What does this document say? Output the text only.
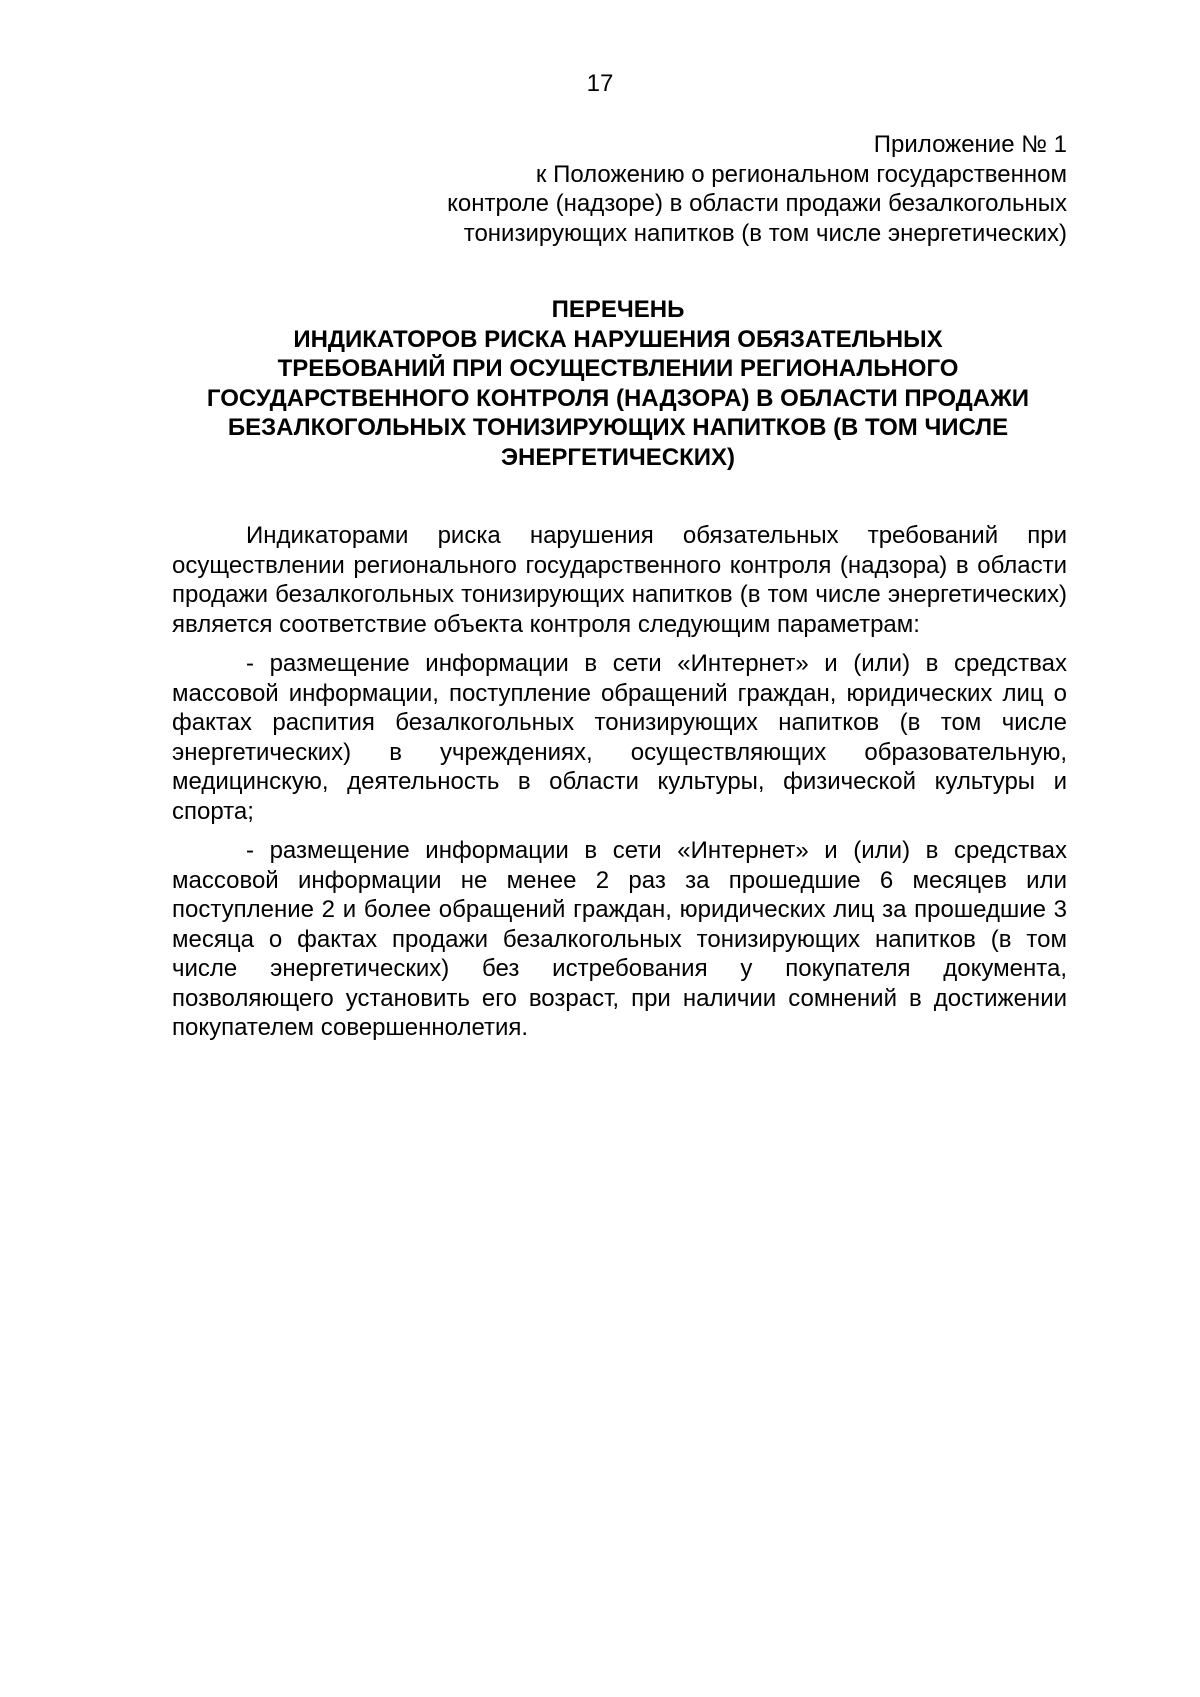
17
Приложение № 1
к Положению о региональном государственном
контроле (надзоре) в области продажи безалкогольных
тонизирующих напитков (в том числе энергетических)
ПЕРЕЧЕНЬ
ИНДИКАТОРОВ РИСКА НАРУШЕНИЯ ОБЯЗАТЕЛЬНЫХ
ТРЕБОВАНИЙ ПРИ ОСУЩЕСТВЛЕНИИ РЕГИОНАЛЬНОГО
ГОСУДАРСТВЕННОГО КОНТРОЛЯ (НАДЗОРА) В ОБЛАСТИ ПРОДАЖИ
БЕЗАЛКОГОЛЬНЫХ ТОНИЗИРУЮЩИХ НАПИТКОВ (В ТОМ ЧИСЛЕ
ЭНЕРГЕТИЧЕСКИХ)

Индикаторами риска нарушения обязательных требований при осуществлении регионального государственного контроля (надзора) в области продажи безалкогольных тонизирующих напитков (в том числе энергетических) является соответствие объекта контроля следующим параметрам:

- размещение информации в сети «Интернет» и (или) в средствах массовой информации, поступление обращений граждан, юридических лиц о фактах распития безалкогольных тонизирующих напитков (в том числе энергетических) в учреждениях, осуществляющих образовательную, медицинскую, деятельность в области культуры, физической культуры и спорта;

- размещение информации в сети «Интернет» и (или) в средствах массовой информации не менее 2 раз за прошедшие 6 месяцев или поступление 2 и более обращений граждан, юридических лиц за прошедшие 3 месяца о фактах продажи безалкогольных тонизирующих напитков (в том числе энергетических) без истребования у покупателя документа, позволяющего установить его возраст, при наличии сомнений в достижении покупателем совершеннолетия.
